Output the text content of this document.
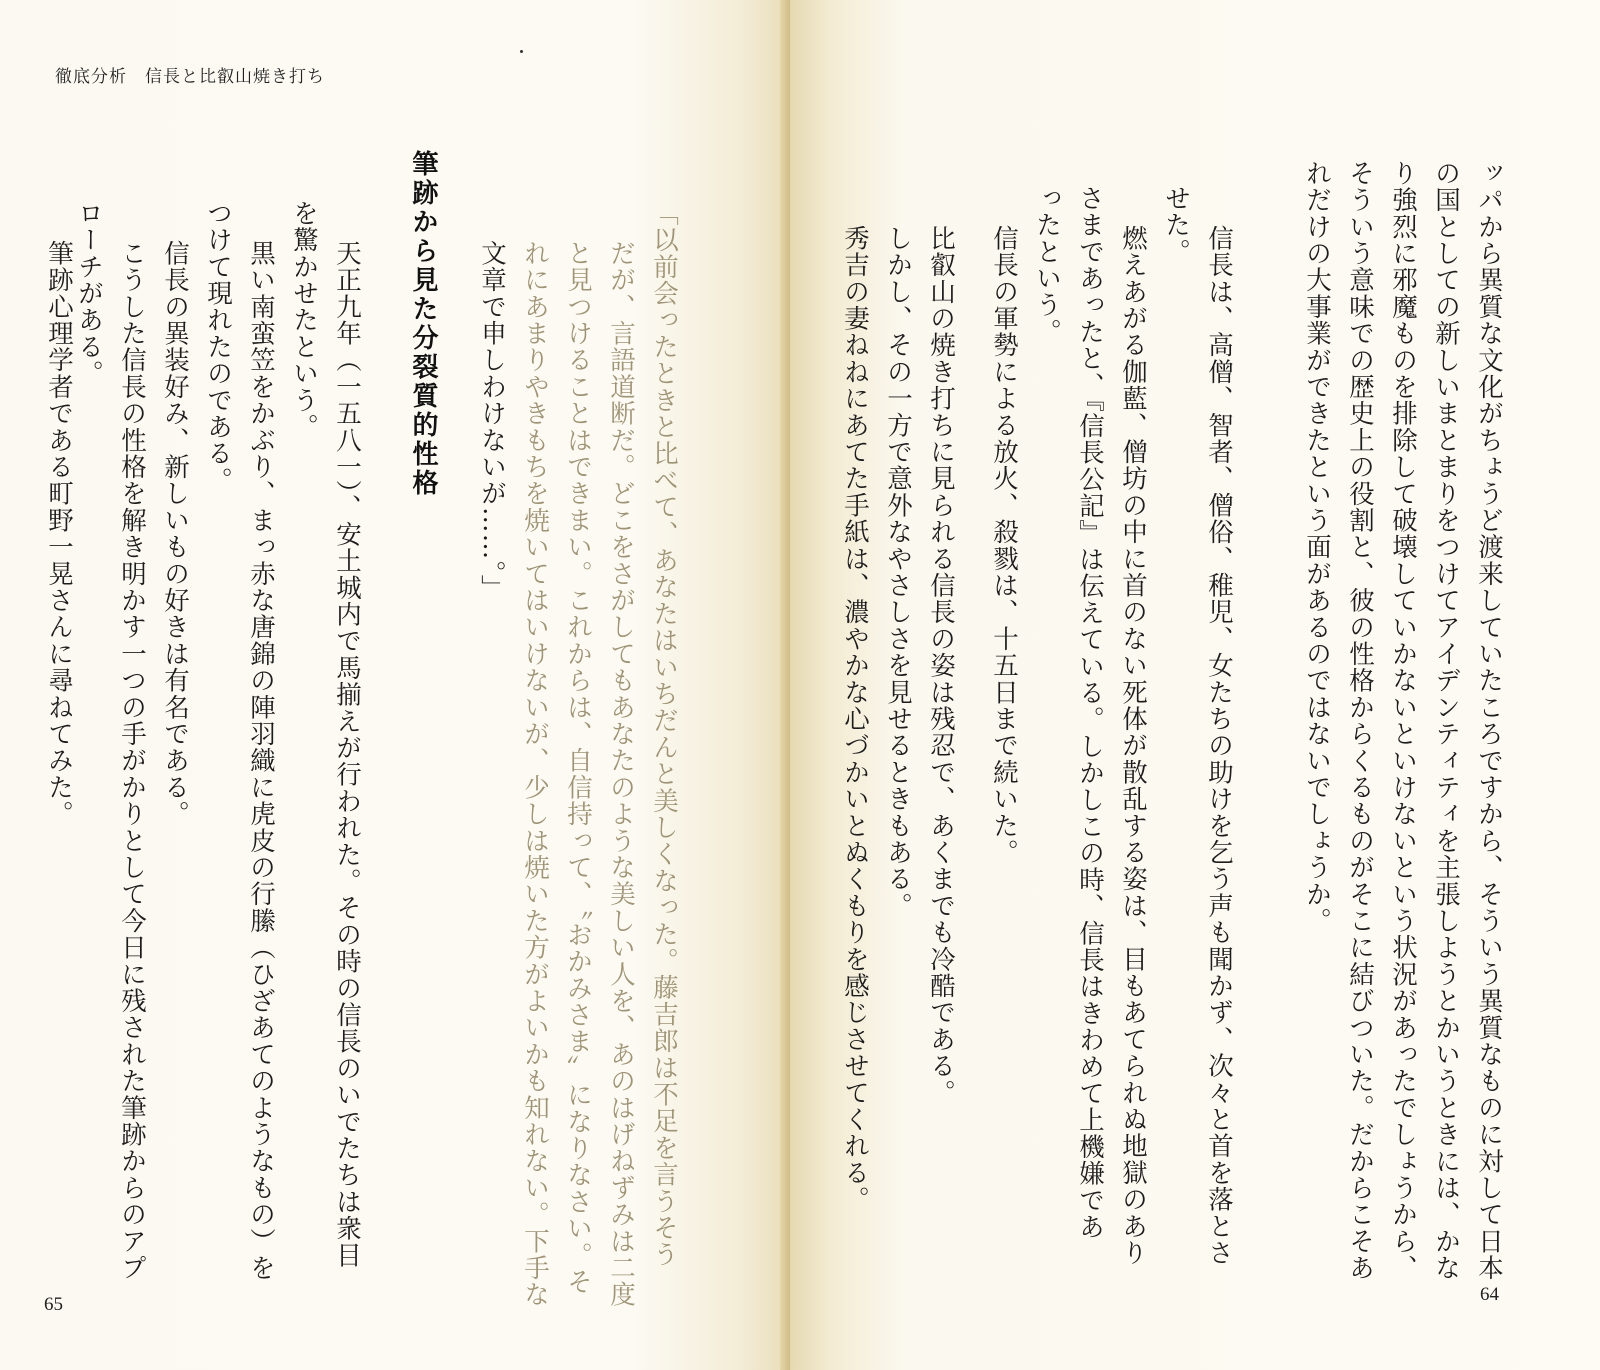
徹底分析　信長と比叡山焼き打ち
「以前会ったときと比べて、あなたはいちだんと美しくなった。藤吉郎は不足を言うそう
だが、言語道断だ。どこをさがしてもあなたのような美しい人を、あのはげねずみは二度
と見つけることはできまい。これからは、自信持って、〝おかみさま〟になりなさい。そ
れにあまりやきもちを焼いてはいけないが、少しは焼いた方がよいかも知れない。下手な
文章で申しわけないが……。」
筆跡から見た分裂質的性格
天正九年（一五八一）、安土城内で馬揃えが行われた。その時の信長のいでたちは衆目
を驚かせたという。
黒い南蛮笠をかぶり、まっ赤な唐錦の陣羽織に虎皮の行縢（ひざあてのようなもの）を
つけて現れたのである。
信長の異装好み、新しいもの好きは有名である。
こうした信長の性格を解き明かす一つの手がかりとして今日に残された筆跡からのアプ
ローチがある。
筆跡心理学者である町野一晃さんに尋ねてみた。
65
ッパから異質な文化がちょうど渡来していたころですから、そういう異質なものに対して日本
の国としての新しいまとまりをつけてアイデンティティを主張しようとかいうときには、かな
り強烈に邪魔ものを排除して破壊していかないといけないという状況があったでしょうから、
そういう意味での歴史上の役割と、彼の性格からくるものがそこに結びついた。だからこそあ
れだけの大事業ができたという面があるのではないでしょうか。
信長は、高僧、智者、僧俗、稚児、女たちの助けを乞う声も聞かず、次々と首を落とさ
せた。
燃えあがる伽藍、僧坊の中に首のない死体が散乱する姿は、目もあてられぬ地獄のあり
さまであったと、『信長公記』は伝えている。しかしこの時、信長はきわめて上機嫌であ
ったという。
信長の軍勢による放火、殺戮は、十五日まで続いた。
比叡山の焼き打ちに見られる信長の姿は残忍で、あくまでも冷酷である。
しかし、その一方で意外なやさしさを見せるときもある。
秀吉の妻ねねにあてた手紙は、濃やかな心づかいとぬくもりを感じさせてくれる。
64
